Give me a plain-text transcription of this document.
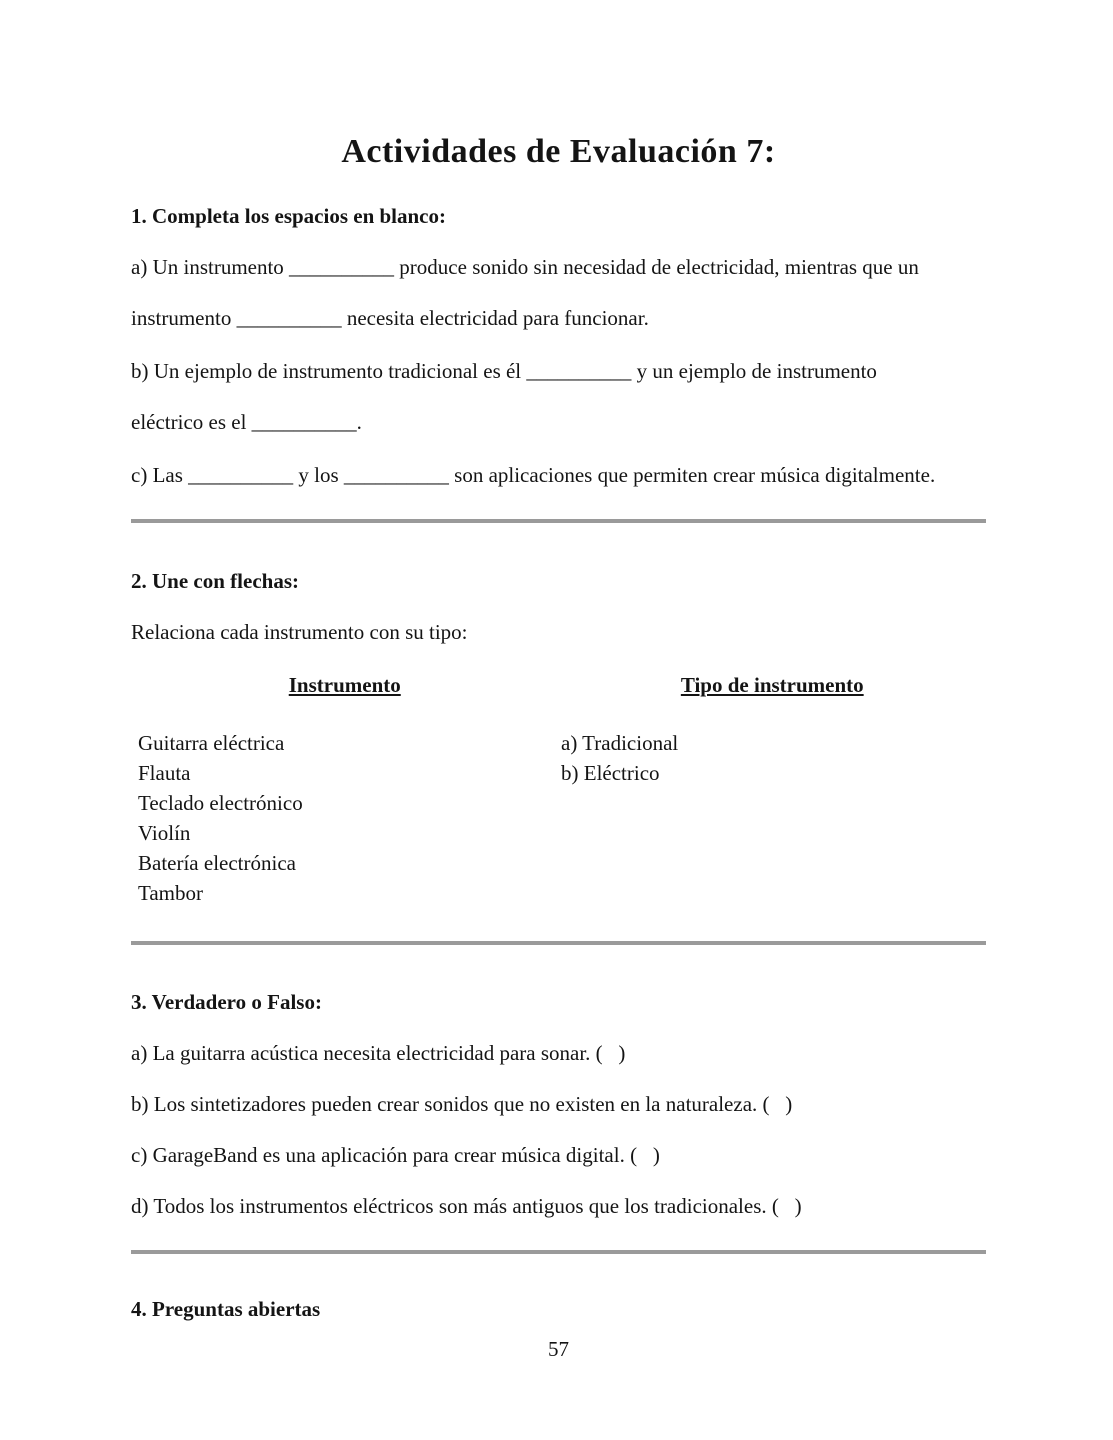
Actividades de Evaluación 7:
1. Completa los espacios en blanco:
a) Un instrumento __________ produce sonido sin necesidad de electricidad, mientras que un
instrumento __________ necesita electricidad para funcionar.
b) Un ejemplo de instrumento tradicional es él __________ y un ejemplo de instrumento
eléctrico es el __________.
c) Las __________ y los __________ son aplicaciones que permiten crear música digitalmente.
2. Une con flechas:
Relaciona cada instrumento con su tipo:
Instrumento	Tipo de instrumento
Guitarra eléctrica
Flauta
Teclado electrónico
Violín
Batería electrónica
Tambor
a) Tradicional
b) Eléctrico
3. Verdadero o Falso:
a) La guitarra acústica necesita electricidad para sonar. (   )
b) Los sintetizadores pueden crear sonidos que no existen en la naturaleza. (   )
c) GarageBand es una aplicación para crear música digital. (   )
d) Todos los instrumentos eléctricos son más antiguos que los tradicionales. (   )
4. Preguntas abiertas
57
